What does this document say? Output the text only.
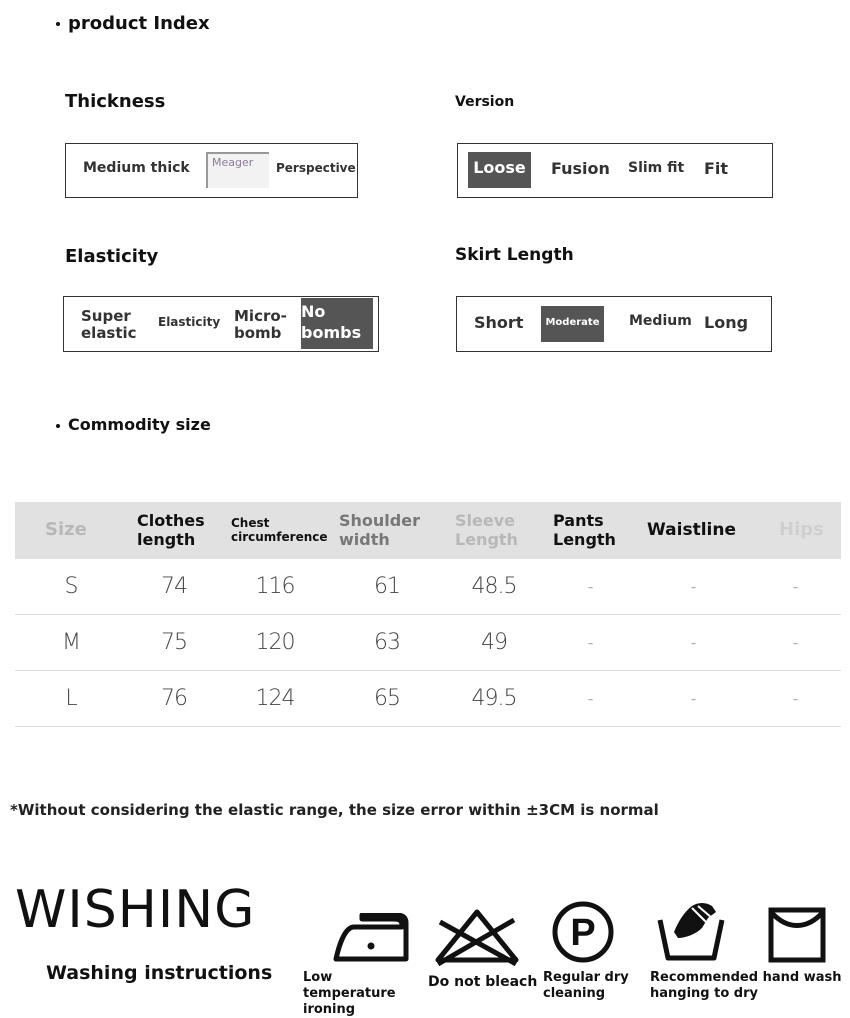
product Index
Thickness
Medium thick	Meager	Perspective
Version
Loose	Fusion Slim fit Fit
Elasticity
Super elastic
Elasticity Micro-bomb
No bombs
Skirt Length
Short	Moderate	Medium Long
Commodity size
Size	Clothes length	Chest circumference	Shoulder width	Sleeve Length	Pants Length	Waistline	Hips
S	74	116	61	48.5	-	-	-
M	75	120	63	49	-	-	-
L	76	124	65	49.5	-	-	-
*Without considering the elastic range, the size error within ±3CM is normal
WISHING
Washing instructions Low temperature ironing
Do not bleach
P
Regular dry cleaning
Recommended hand wash
hanging to dry
